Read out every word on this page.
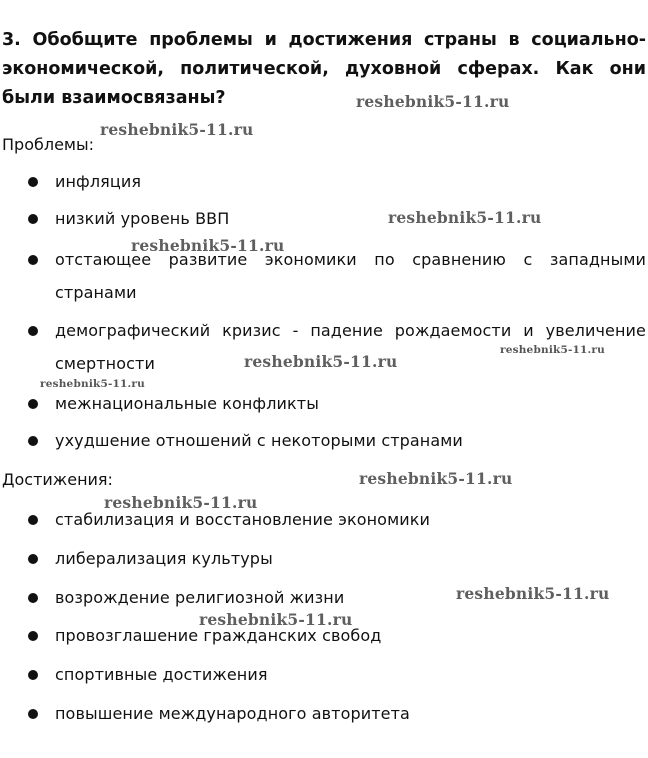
3. Обобщите проблемы и достижения страны в социально-экономической, политической, духовной сферах. Как они были взаимосвязаны?

Проблемы:

инфляция
низкий уровень ВВП
отстающее развитие экономики по сравнению с западными странами
демографический кризис - падение рождаемости и увеличение смертности
межнациональные конфликты
ухудшение отношений с некоторыми странами

Достижения:

стабилизация и восстановление экономики
либерализация культуры
возрождение религиозной жизни
провозглашение гражданских свобод
спортивные достижения
повышение международного авторитета
reshebnik5-11.ru
reshebnik5-11.ru
reshebnik5-11.ru
reshebnik5-11.ru
reshebnik5-11.ru
reshebnik5-11.ru
reshebnik5-11.ru
reshebnik5-11.ru
reshebnik5-11.ru
reshebnik5-11.ru
reshebnik5-11.ru
